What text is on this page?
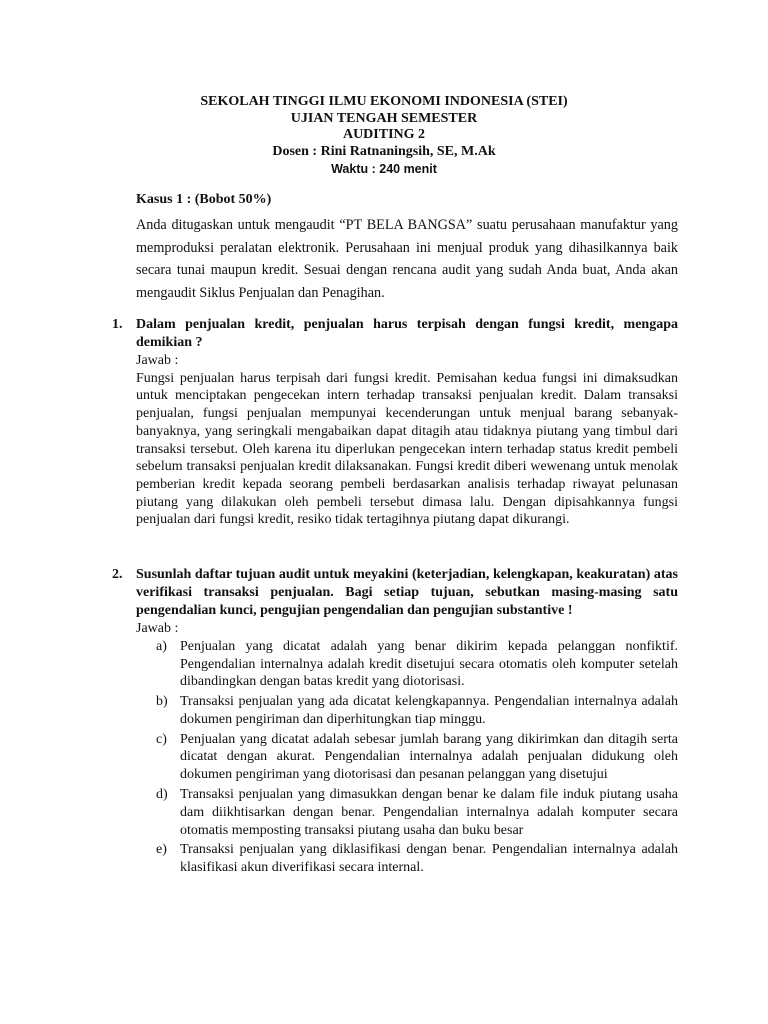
SEKOLAH TINGGI ILMU EKONOMI INDONESIA (STEI)

UJIAN TENGAH SEMESTER

AUDITING 2

Dosen : Rini Ratnaningsih, SE, M.Ak

Waktu : 240 menit

Kasus 1 : (Bobot 50%)

Anda ditugaskan untuk mengaudit “PT BELA BANGSA” suatu perusahaan manufaktur yang memproduksi peralatan elektronik. Perusahaan ini menjual produk yang dihasilkannya baik secara tunai maupun kredit. Sesuai dengan rencana audit yang sudah Anda buat, Anda akan mengaudit Siklus Penjualan dan Penagihan.

1. Dalam penjualan kredit, penjualan harus terpisah dengan fungsi kredit, mengapa demikian ?

Jawab :

Fungsi penjualan harus terpisah dari fungsi kredit. Pemisahan kedua fungsi ini dimaksudkan untuk menciptakan pengecekan intern terhadap transaksi penjualan kredit. Dalam transaksi penjualan, fungsi penjualan mempunyai kecenderungan untuk menjual barang sebanyak-banyaknya, yang seringkali mengabaikan dapat ditagih atau tidaknya piutang yang timbul dari transaksi tersebut. Oleh karena itu diperlukan pengecekan intern terhadap status kredit pembeli sebelum transaksi penjualan kredit dilaksanakan. Fungsi kredit diberi wewenang untuk menolak pemberian kredit kepada seorang pembeli berdasarkan analisis terhadap riwayat pelunasan piutang yang dilakukan oleh pembeli tersebut dimasa lalu. Dengan dipisahkannya fungsi penjualan dari fungsi kredit, resiko tidak tertagihnya piutang dapat dikurangi.

2. Susunlah daftar tujuan audit untuk meyakini (keterjadian, kelengkapan, keakuratan) atas verifikasi transaksi penjualan. Bagi setiap tujuan, sebutkan masing-masing satu pengendalian kunci, pengujian pengendalian dan pengujian substantive !

Jawab :

a) Penjualan yang dicatat adalah yang benar dikirim kepada pelanggan nonfiktif. Pengendalian internalnya adalah kredit disetujui secara otomatis oleh komputer setelah dibandingkan dengan batas kredit yang diotorisasi.
b) Transaksi penjualan yang ada dicatat kelengkapannya. Pengendalian internalnya adalah dokumen pengiriman dan diperhitungkan tiap minggu.
c) Penjualan yang dicatat adalah sebesar jumlah barang yang dikirimkan dan ditagih serta dicatat dengan akurat. Pengendalian internalnya adalah penjualan didukung oleh dokumen pengiriman yang diotorisasi dan pesanan pelanggan yang disetujui
d) Transaksi penjualan yang dimasukkan dengan benar ke dalam file induk piutang usaha dam diikhtisarkan dengan benar. Pengendalian internalnya adalah komputer secara otomatis memposting transaksi piutang usaha dan buku besar
e) Transaksi penjualan yang diklasifikasi dengan benar. Pengendalian internalnya adalah klasifikasi akun diverifikasi secara internal.
